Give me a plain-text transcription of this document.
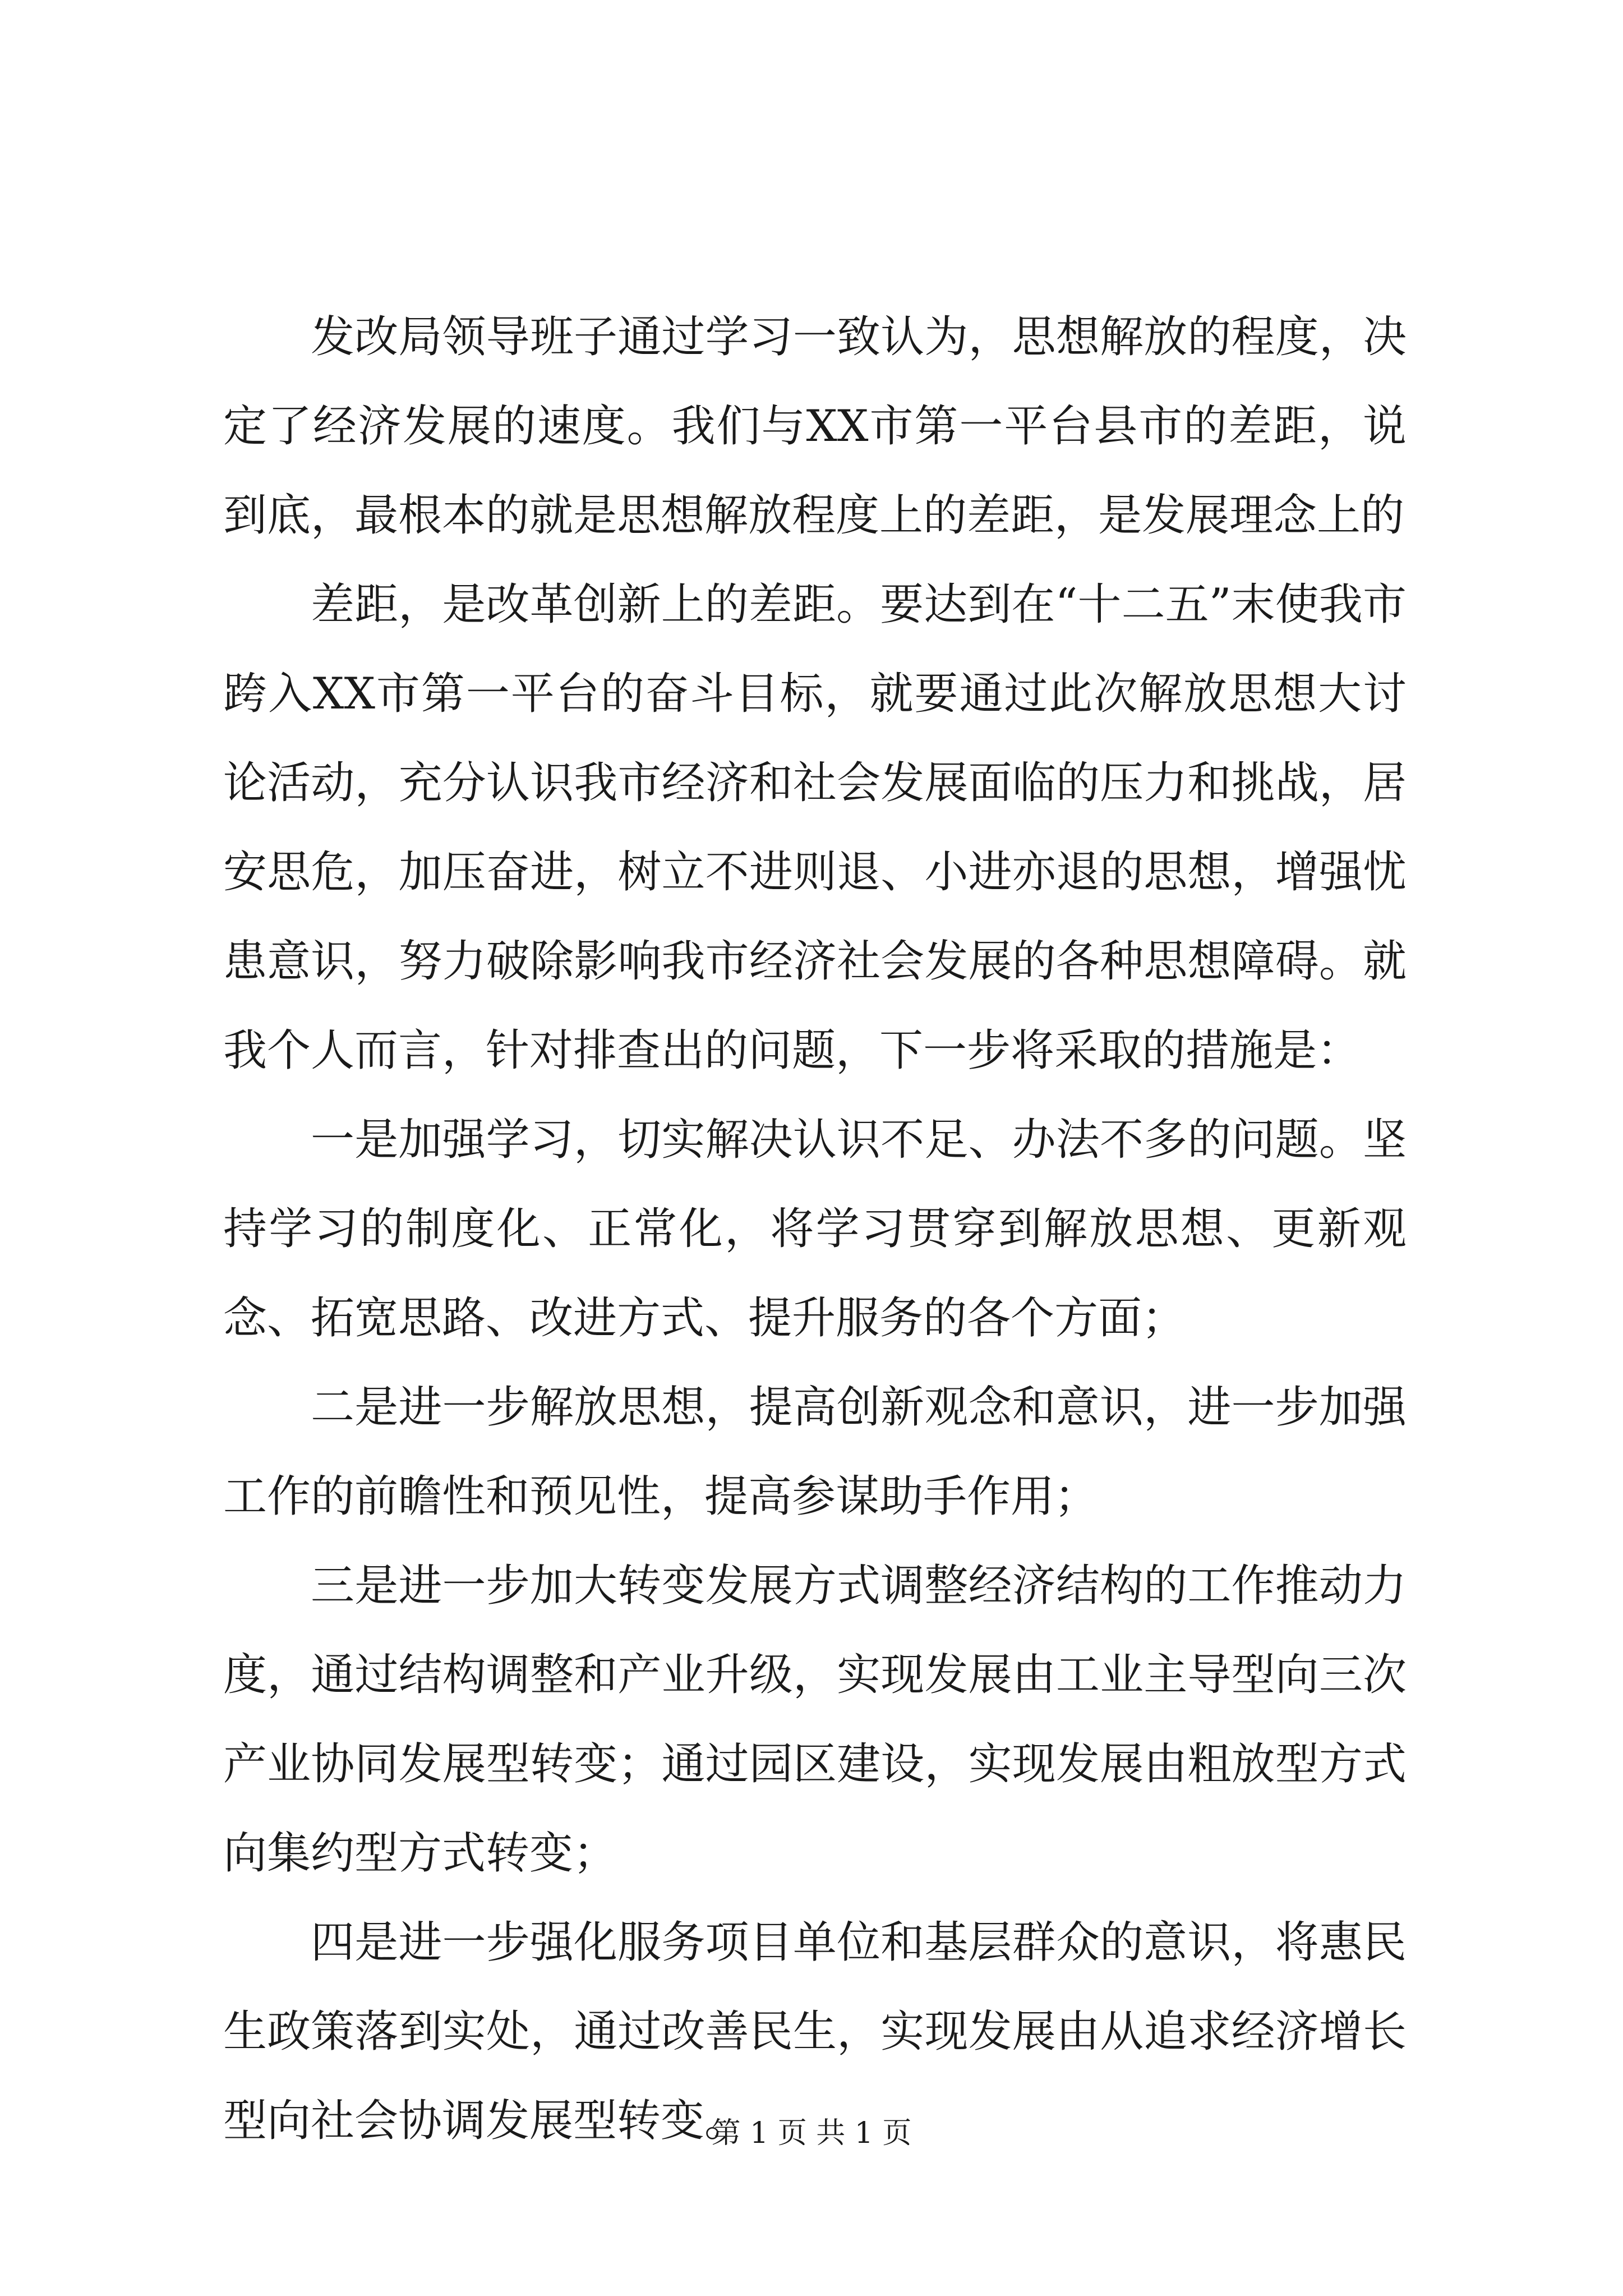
发改局领导班子通过学习一致认为，思想解放的程度，决定了经济发展的速度。我们与XX市第一平台县市的差距，说到底，最根本的就是思想解放程度上的差距，是发展理念上的

差距，是改革创新上的差距。要达到在“十二五”末使我市跨入XX市第一平台的奋斗目标，就要通过此次解放思想大讨论活动，充分认识我市经济和社会发展面临的压力和挑战，居安思危，加压奋进，树立不进则退、小进亦退的思想，增强忧患意识，努力破除影响我市经济社会发展的各种思想障碍。就我个人而言，针对排查出的问题，下一步将采取的措施是：

一是加强学习，切实解决认识不足、办法不多的问题。坚持学习的制度化、正常化，将学习贯穿到解放思想、更新观念、拓宽思路、改进方式、提升服务的各个方面；

二是进一步解放思想，提高创新观念和意识，进一步加强工作的前瞻性和预见性，提高参谋助手作用；

三是进一步加大转变发展方式调整经济结构的工作推动力度，通过结构调整和产业升级，实现发展由工业主导型向三次产业协同发展型转变；通过园区建设，实现发展由粗放型方式向集约型方式转变；

四是进一步强化服务项目单位和基层群众的意识，将惠民生政策落到实处，通过改善民生，实现发展由从追求经济增长型向社会协调发展型转变。

第 1 页 共 1 页
